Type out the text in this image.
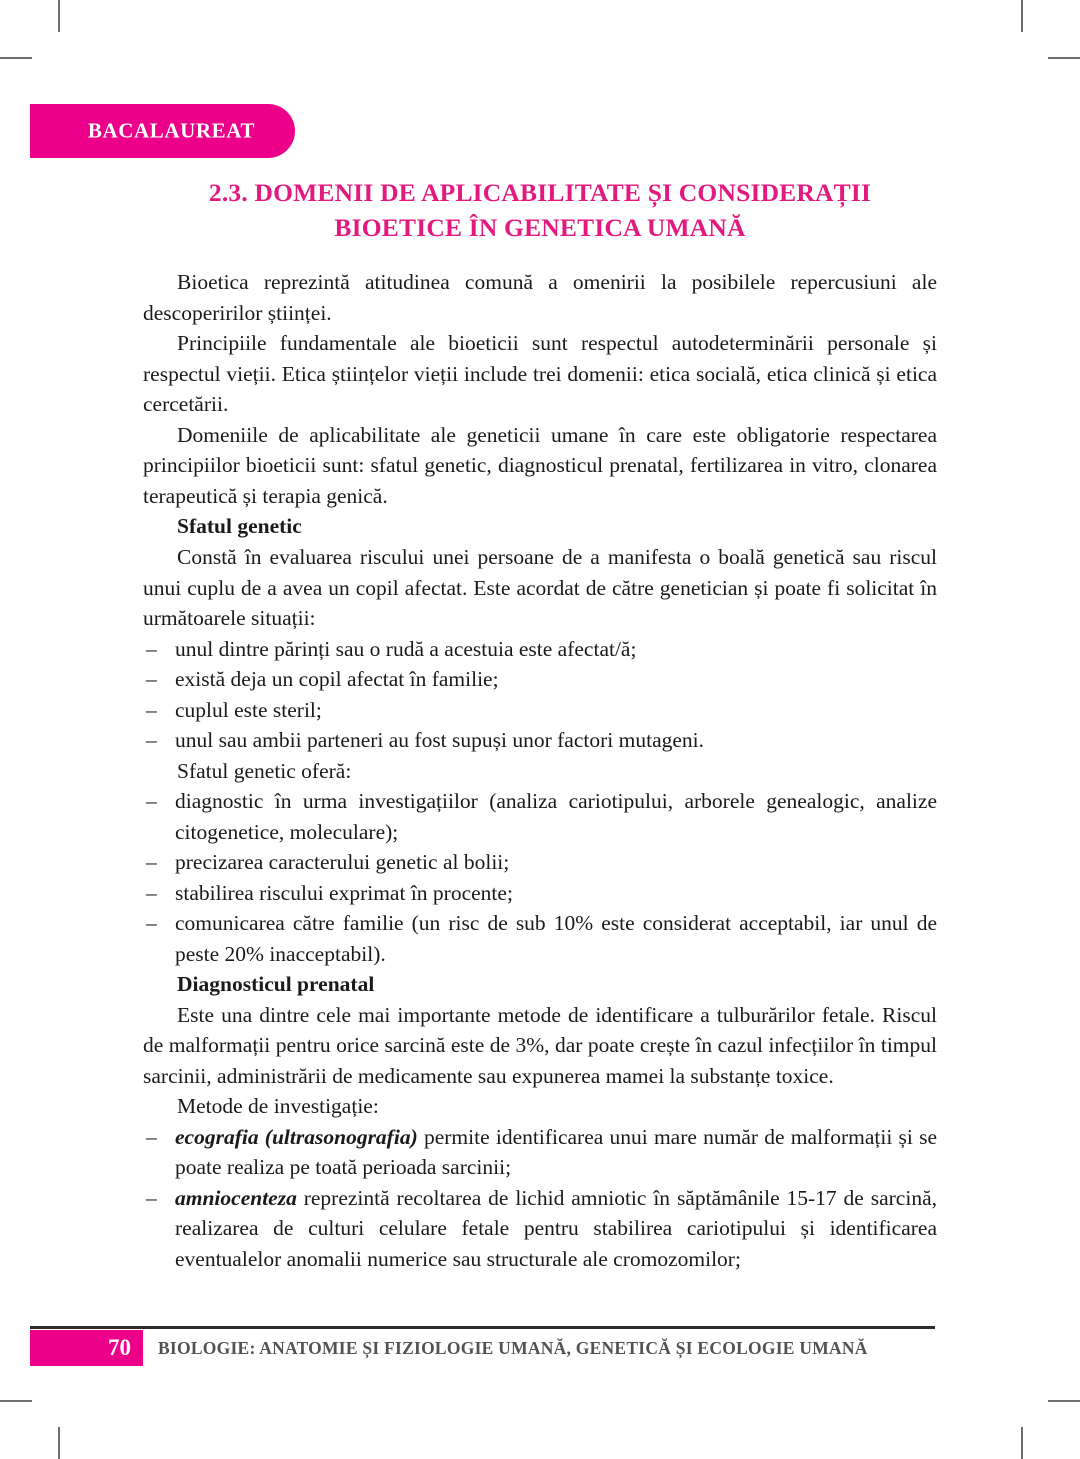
BACALAUREAT
2.3. DOMENII DE APLICABILITATE ȘI CONSIDERAȚII
BIOETICE ÎN GENETICA UMANĂ

Bioetica reprezintă atitudinea comună a omenirii la posibilele repercusiuni ale descoperirilor științei.

Principiile fundamentale ale bioeticii sunt respectul autodeterminării personale și respectul vieții. Etica științelor vieții include trei domenii: etica socială, etica clinică și etica cercetării.

Domeniile de aplicabilitate ale geneticii umane în care este obligatorie respectarea principiilor bioeticii sunt: sfatul genetic, diagnosticul prenatal, fertilizarea in vitro, clonarea terapeutică și terapia genică.

Sfatul genetic

Constă în evaluarea riscului unei persoane de a manifesta o boală genetică sau riscul unui cuplu de a avea un copil afectat. Este acordat de către genetician și poate fi solicitat în următoarele situații:

– unul dintre părinți sau o rudă a acestuia este afectat/ă;
– există deja un copil afectat în familie;
– cuplul este steril;
– unul sau ambii parteneri au fost supuși unor factori mutageni.

Sfatul genetic oferă:

– diagnostic în urma investigațiilor (analiza cariotipului, arborele genealogic, analize citogenetice, moleculare);
– precizarea caracterului genetic al bolii;
– stabilirea riscului exprimat în procente;
– comunicarea către familie (un risc de sub 10% este considerat acceptabil, iar unul de peste 20% inacceptabil).

Diagnosticul prenatal

Este una dintre cele mai importante metode de identificare a tulburărilor fetale. Riscul de malformații pentru orice sarcină este de 3%, dar poate crește în cazul infecțiilor în timpul sarcinii, administrării de medicamente sau expunerea mamei la substanțe toxice.

Metode de investigație:

– ecografia (ultrasonografia) permite identificarea unui mare număr de malformații și se poate realiza pe toată perioada sarcinii;
– amniocenteza reprezintă recoltarea de lichid amniotic în săptămânile 15-17 de sarcină, realizarea de culturi celulare fetale pentru stabilirea cariotipului și identificarea eventualelor anomalii numerice sau structurale ale cromozomilor;
70 BIOLOGIE: ANATOMIE ȘI FIZIOLOGIE UMANĂ, GENETICĂ ȘI ECOLOGIE UMANĂ
